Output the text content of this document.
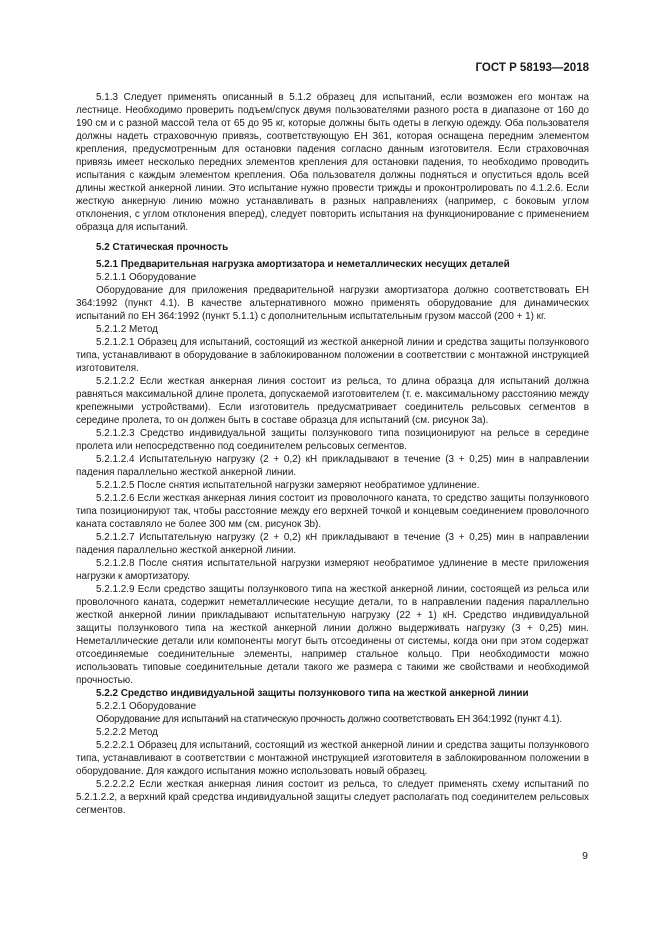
ГОСТ Р 58193—2018

5.1.3 Следует применять описанный в 5.1.2 образец для испытаний, если возможен его монтаж на лестнице. Необходимо проверить подъем/спуск двумя пользователями разного роста в диапазоне от 160 до 190 см и с разной массой тела от 65 до 95 кг, которые должны быть одеты в легкую одежду. Оба пользователя должны надеть страховочную привязь, соответствующую ЕН 361, которая оснащена передним элементом крепления, предусмотренным для остановки падения согласно данным изготовителя. Если страховочная привязь имеет несколько передних элементов крепления для остановки падения, то необходимо проводить испытания с каждым элементом крепления. Оба пользователя должны подняться и опуститься вдоль всей длины жесткой анкерной линии. Это испытание нужно провести трижды и проконтролировать по 4.1.2.6. Если жесткую анкерную линию можно устанавливать в разных направлениях (например, с боковым углом отклонения, с углом отклонения вперед), следует повторить испытания на функционирование с применением образца для испытаний.

5.2 Статическая прочность

5.2.1 Предварительная нагрузка амортизатора и неметаллических несущих деталей

5.2.1.1 Оборудование

Оборудование для приложения предварительной нагрузки амортизатора должно соответствовать ЕН 364:1992 (пункт 4.1). В качестве альтернативного можно применять оборудование для динамических испытаний по ЕН 364:1992 (пункт 5.1.1) с дополнительным испытательным грузом массой (200 + 1) кг.

5.2.1.2 Метод

5.2.1.2.1 Образец для испытаний, состоящий из жесткой анкерной линии и средства защиты ползункового типа, устанавливают в оборудование в заблокированном положении в соответствии с монтажной инструкцией изготовителя.

5.2.1.2.2 Если жесткая анкерная линия состоит из рельса, то длина образца для испытаний должна равняться максимальной длине пролета, допускаемой изготовителем (т. е. максимальному расстоянию между крепежными устройствами). Если изготовитель предусматривает соединитель рельсовых сегментов в середине пролета, то он должен быть в составе образца для испытаний (см. рисунок 3а).

5.2.1.2.3 Средство индивидуальной защиты ползункового типа позиционируют на рельсе в середине пролета или непосредственно под соединителем рельсовых сегментов.

5.2.1.2.4 Испытательную нагрузку (2 + 0,2) кН прикладывают в течение (3 + 0,25) мин в направлении падения параллельно жесткой анкерной линии.

5.2.1.2.5 После снятия испытательной нагрузки замеряют необратимое удлинение.

5.2.1.2.6 Если жесткая анкерная линия состоит из проволочного каната, то средство защиты ползункового типа позиционируют так, чтобы расстояние между его верхней точкой и концевым соединением проволочного каната составляло не более 300 мм (см. рисунок 3b).

5.2.1.2.7 Испытательную нагрузку (2 + 0,2) кН прикладывают в течение (3 + 0,25) мин в направлении падения параллельно жесткой анкерной линии.

5.2.1.2.8 После снятия испытательной нагрузки измеряют необратимое удлинение в месте приложения нагрузки к амортизатору.

5.2.1.2.9 Если средство защиты ползункового типа на жесткой анкерной линии, состоящей из рельса или проволочного каната, содержит неметаллические несущие детали, то в направлении падения параллельно жесткой анкерной линии прикладывают испытательную нагрузку (22 + 1) кН. Средство индивидуальной защиты ползункового типа на жесткой анкерной линии должно выдерживать нагрузку (3 + 0,25) мин. Неметаллические детали или компоненты могут быть отсоединены от системы, когда они при этом содержат отсоединяемые соединительные элементы, например стальное кольцо. При необходимости можно использовать типовые соединительные детали такого же размера с такими же свойствами и необходимой прочностью.

5.2.2 Средство индивидуальной защиты ползункового типа на жесткой анкерной линии

5.2.2.1 Оборудование

Оборудование для испытаний на статическую прочность должно соответствовать ЕН 364:1992 (пункт 4.1).

5.2.2.2 Метод

5.2.2.2.1 Образец для испытаний, состоящий из жесткой анкерной линии и средства защиты ползункового типа, устанавливают в соответствии с монтажной инструкцией изготовителя в заблокированном положении в оборудование. Для каждого испытания можно использовать новый образец.

5.2.2.2.2 Если жесткая анкерная линия состоит из рельса, то следует применять схему испытаний по 5.2.1.2.2, а верхний край средства индивидуальной защиты следует располагать под соединителем рельсовых сегментов.

9
